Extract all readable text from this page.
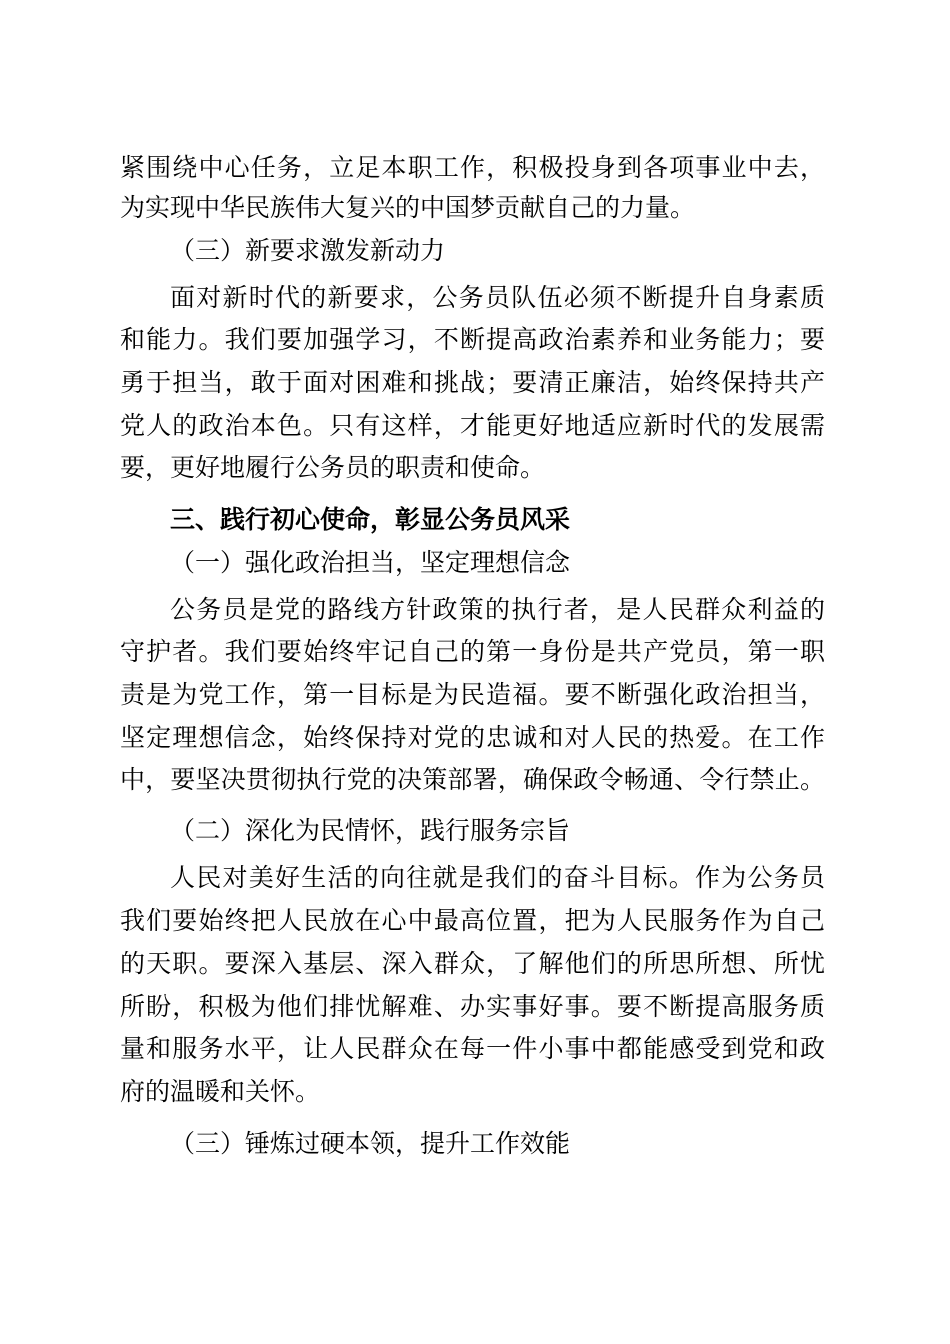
紧围绕中心任务，立足本职工作，积极投身到各项事业中去，
为实现中华民族伟大复兴的中国梦贡献自己的力量。
（三）新要求激发新动力
面对新时代的新要求，公务员队伍必须不断提升自身素质
和能力。我们要加强学习，不断提高政治素养和业务能力；要
勇于担当，敢于面对困难和挑战；要清正廉洁，始终保持共产
党人的政治本色。只有这样，才能更好地适应新时代的发展需
要，更好地履行公务员的职责和使命。
三、践行初心使命，彰显公务员风采
（一）强化政治担当，坚定理想信念
公务员是党的路线方针政策的执行者，是人民群众利益的
守护者。我们要始终牢记自己的第一身份是共产党员，第一职
责是为党工作，第一目标是为民造福。要不断强化政治担当，
坚定理想信念，始终保持对党的忠诚和对人民的热爱。在工作
中，要坚决贯彻执行党的决策部署，确保政令畅通、令行禁止。
（二）深化为民情怀，践行服务宗旨
人民对美好生活的向往就是我们的奋斗目标。作为公务员
我们要始终把人民放在心中最高位置，把为人民服务作为自己
的天职。要深入基层、深入群众，了解他们的所思所想、所忧
所盼，积极为他们排忧解难、办实事好事。要不断提高服务质
量和服务水平，让人民群众在每一件小事中都能感受到党和政
府的温暖和关怀。
（三）锤炼过硬本领，提升工作效能
